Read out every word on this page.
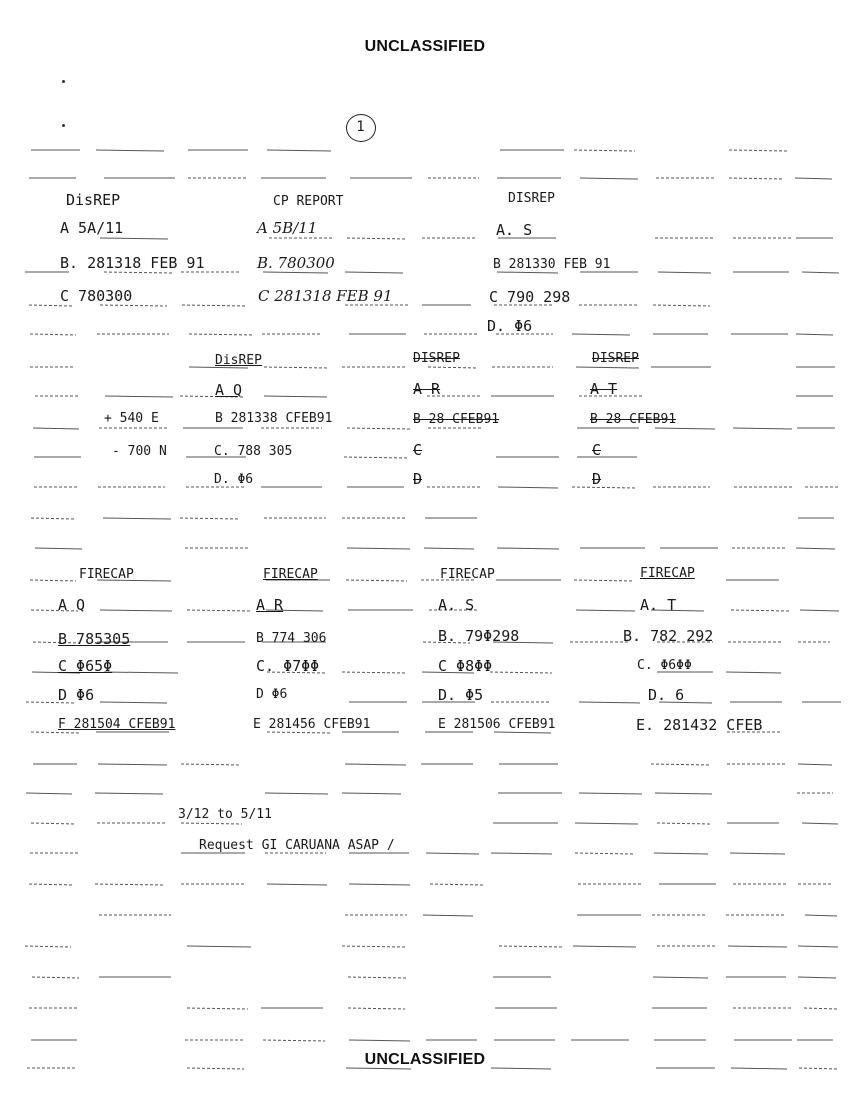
UNCLASSIFIED
UNCLASSIFIED
1
DisREP
A 5A/11
B. 281318 FEB 91
C 780300
CP REPORT
A 5B/11
B. 780300
C 281318 FEB 91
DISREP
A. S
B 281330 FEB 91
C 790 298
D. Φ6
+ 540 E
- 700 N
DisREP
A Q
B 281338 CFEB91
C. 788 305
D. Φ6
DISREP
A R
B 28 CFEB91
C
D
DISREP
A T
B 28 CFEB91
C
D
FIRECAP
A Q
B 785305
C Φ65Φ
D Φ6
F 281504 CFEB91
FIRECAP
A R
B 774 306
C. Φ7ΦΦ
D Φ6
E 281456 CFEB91
FIRECAP
A. S
B. 79Φ298
C Φ8ΦΦ
D. Φ5
E 281506 CFEB91
FIRECAP
A. T
B. 782 292
C. Φ6ΦΦ
D. 6
E. 281432 CFEB
3/12 to 5/11
Request GI CARUANA ASAP /
